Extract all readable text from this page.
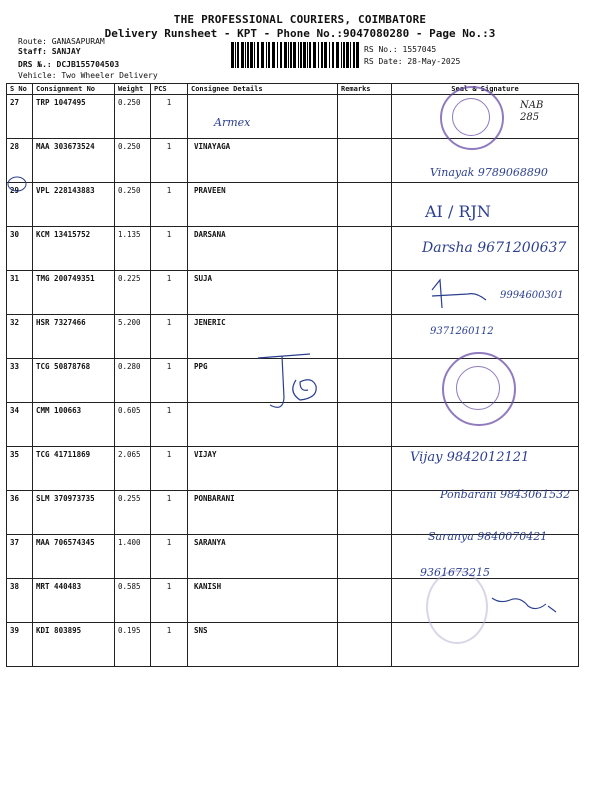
THE PROFESSIONAL COURIERS, COIMBATORE
Delivery Runsheet - KPT - Phone No.:9047080280 - Page No.:3
Route: GANASAPURAM
Staff: SANJAY
DRS №.: DCJB155704503
Vehicle: Two Wheeler Delivery
RS No.: 1557045
RS Date: 28-May-2025
S No	Consignment No	Weight	PCS	Consignee Details	Remarks	Seal & Signature
27	TRP 1047495	0.250	1			
28	MAA 303673524	0.250	1	VINAYAGA		
29	VPL 228143883	0.250	1	PRAVEEN		
30	KCM 13415752	1.135	1	DARSANA		
31	TMG 200749351	0.225	1	SUJA		
32	HSR 7327466	5.200	1	JENERIC		
33	TCG 50878768	0.280	1	PPG		
34	CMM 100663	0.605	1			
35	TCG 41711869	2.065	1	VIJAY		
36	SLM 370973735	0.255	1	PONBARANI		
37	MAA 706574345	1.400	1	SARANYA		
38	MRT 440483	0.585	1	KANISH		
39	KDI 803895	0.195	1	SNS		
Armex
NAB 285
Vinayak 9789068890
AI / RJN
Darsha 9671200637
9994600301
9371260112
Vijay 9842012121
Ponbarani 9843061532
Saranya 9840070421
9361673215
